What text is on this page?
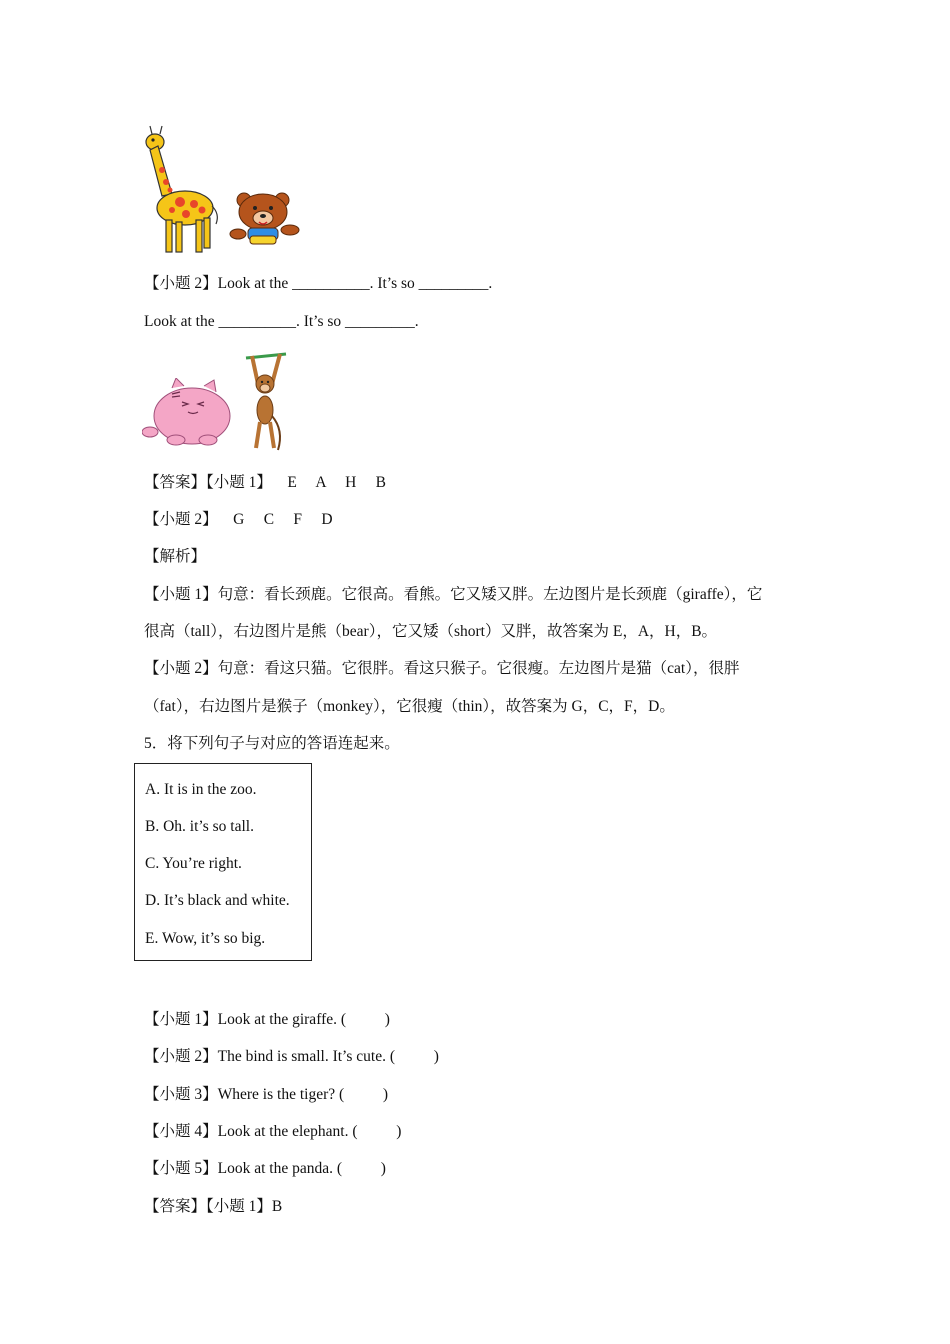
【小题 2】Look at the __________. It’s so _________.
Look at the __________. It’s so _________.
【答案】【小题 1】    E     A     H     B
【小题 2】    G     C     F     D
【解析】
【小题 1】句意：看长颈鹿。它很高。看熊。它又矮又胖。左边图片是长颈鹿（giraffe），它
很高（tall），右边图片是熊（bear），它又矮（short）又胖，故答案为 E，A，H，B。
【小题 2】句意：看这只猫。它很胖。看这只猴子。它很瘦。左边图片是猫（cat），很胖
（fat），右边图片是猴子（monkey），它很瘦（thin），故答案为 G，C，F，D。
5．将下列句子与对应的答语连起来。
A. It is in the zoo.
B. Oh. it’s so tall.
C. You’re right.
D. It’s black and white.
E. Wow, it’s so big.
【小题 1】Look at the giraffe. (          )
【小题 2】The bind is small. It’s cute. (          )
【小题 3】Where is the tiger? (          )
【小题 4】Look at the elephant. (          )
【小题 5】Look at the panda. (          )
【答案】【小题 1】B
